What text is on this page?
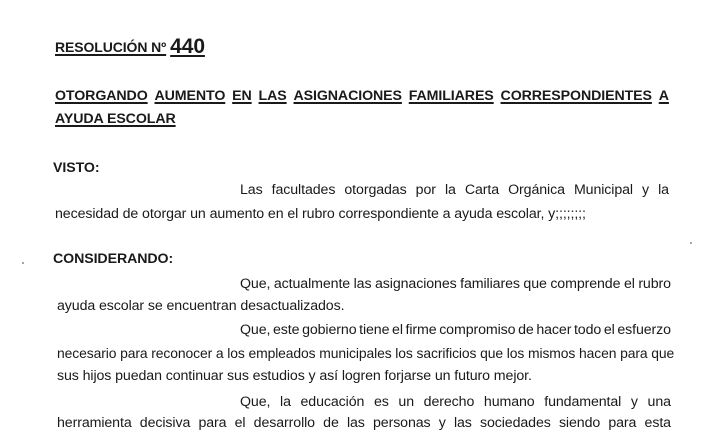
RESOLUCIÓN Nº 440
OTORGANDO AUMENTO EN LAS ASIGNACIONES FAMILIARES CORRESPONDIENTES A
AYUDA ESCOLAR
VISTO:
Las facultades otorgadas por la Carta Orgánica Municipal y la
necesidad de otorgar un aumento en el rubro correspondiente a ayuda escolar, y;;;;;;;;
CONSIDERANDO:
Que, actualmente las asignaciones familiares que comprende el rubro
ayuda escolar se encuentran desactualizados.
Que, este gobierno tiene el firme compromiso de hacer todo el esfuerzo
necesario para reconocer a los empleados municipales los sacrificios que los mismos hacen para que
sus hijos puedan continuar sus estudios y así logren forjarse un futuro mejor.
Que, la educación es un derecho humano fundamental y una
herramienta decisiva para el desarrollo de las personas y las sociedades siendo para esta
